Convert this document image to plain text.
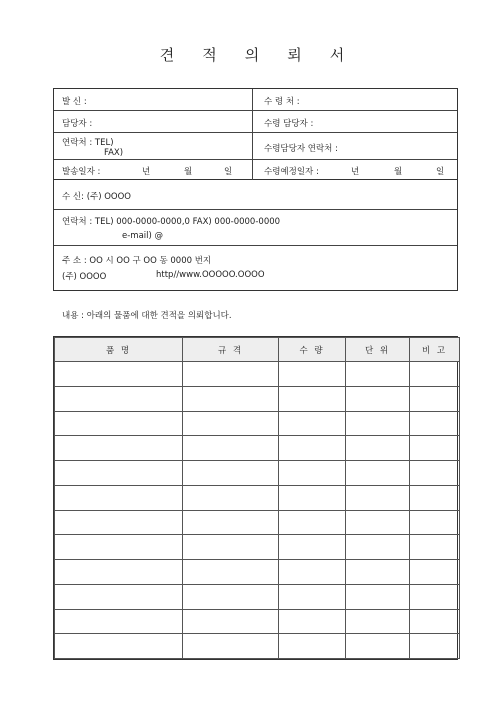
견 적 의 뢰 서
발 신 :	수 령 처 :
담당자 :	수령 담당자 :
연락처 : TEL)
FAX)	수령담당자 연락처 :
발송일자 :	년	월	일	수령예정일자 :	년	월	일
수 신: (주) OOOO
연락처 : TEL) 000-0000-0000,0 FAX) 000-0000-0000
e-mail) @
주 소 : OO 시 OO 구 OO 동 0000 번지
(주) OOOO	http//www.OOOOO.OOOO
내용 : 아래의 물품에 대한 견적을 의뢰합니다.
품 명	규 격	수 량	단 위	비 고
